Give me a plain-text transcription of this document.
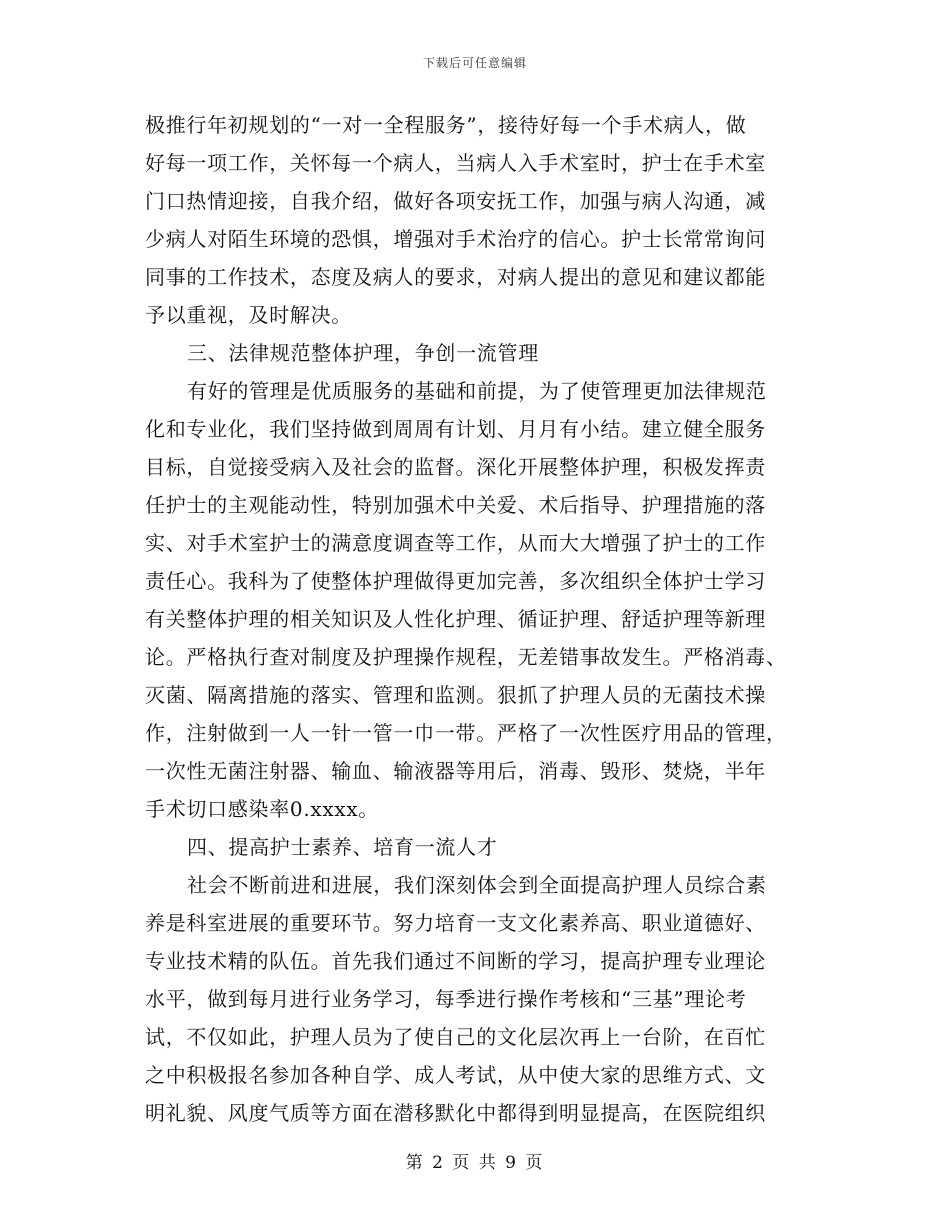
下载后可任意编辑
极推行年初规划的“一对一全程服务”，接待好每一个手术病人，做
好每一项工作，关怀每一个病人，当病人入手术室时，护士在手术室
门口热情迎接，自我介绍，做好各项安抚工作，加强与病人沟通，减
少病人对陌生环境的恐惧，增强对手术治疗的信心。护士长常常询问
同事的工作技术，态度及病人的要求，对病人提出的意见和建议都能
予以重视，及时解决。
三、法律规范整体护理，争创一流管理
有好的管理是优质服务的基础和前提，为了使管理更加法律规范
化和专业化，我们坚持做到周周有计划、月月有小结。建立健全服务
目标，自觉接受病入及社会的监督。深化开展整体护理，积极发挥责
任护士的主观能动性，特别加强术中关爱、术后指导、护理措施的落
实、对手术室护士的满意度调查等工作，从而大大增强了护士的工作
责任心。我科为了使整体护理做得更加完善，多次组织全体护士学习
有关整体护理的相关知识及人性化护理、循证护理、舒适护理等新理
论。严格执行查对制度及护理操作规程，无差错事故发生。严格消毒、
灭菌、隔离措施的落实、管理和监测。狠抓了护理人员的无菌技术操
作，注射做到一人一针一管一巾一带。严格了一次性医疗用品的管理，
一次性无菌注射器、输血、输液器等用后，消毒、毁形、焚烧，半年
手术切口感染率0.xxxx。
四、提高护士素养、培育一流人才
社会不断前进和进展，我们深刻体会到全面提高护理人员综合素
养是科室进展的重要环节。努力培育一支文化素养高、职业道德好、
专业技术精的队伍。首先我们通过不间断的学习，提高护理专业理论
水平，做到每月进行业务学习，每季进行操作考核和“三基”理论考
试，不仅如此，护理人员为了使自己的文化层次再上一台阶，在百忙
之中积极报名参加各种自学、成人考试，从中使大家的思维方式、文
明礼貌、风度气质等方面在潜移默化中都得到明显提高，在医院组织
第 2 页 共 9 页
